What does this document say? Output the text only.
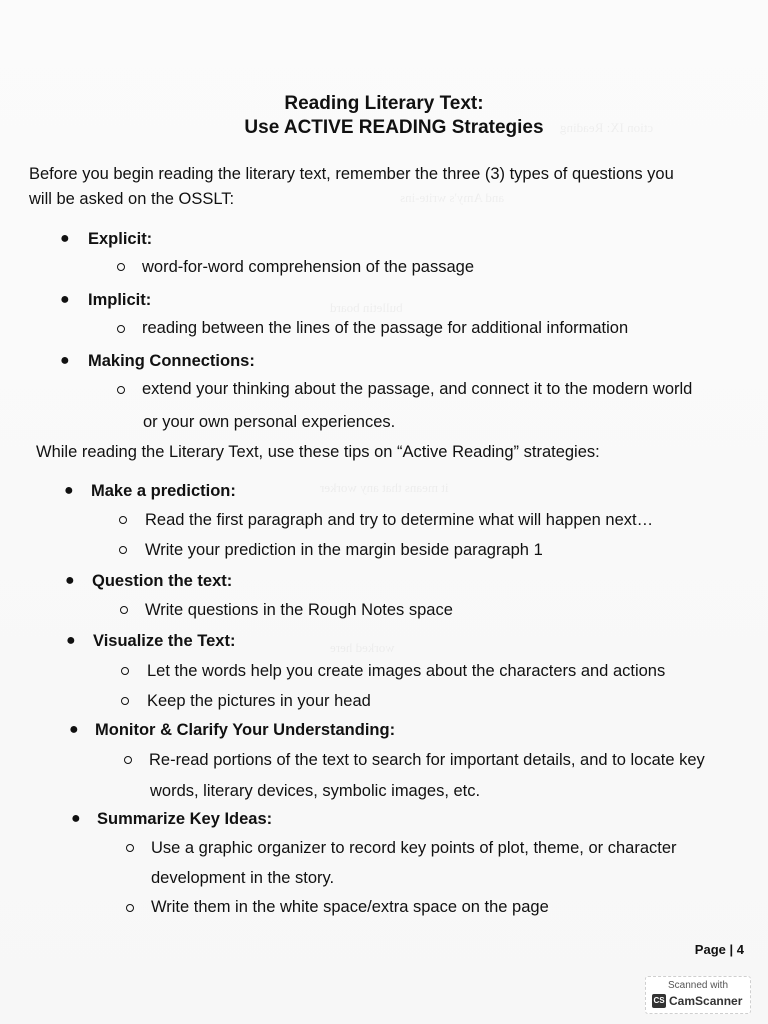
ction IX: Reading
and Amy's write-ins
bulletin board
it means that any worker
worked here
Reading Literary Text:
Use ACTIVE READING Strategies
Before you begin reading the literary text, remember the three (3) types of questions you
will be asked on the OSSLT:
● Explicit:
word-for-word comprehension of the passage
● Implicit:
reading between the lines of the passage for additional information
● Making Connections:
extend your thinking about the passage, and connect it to the modern world
or your own personal experiences.
While reading the Literary Text, use these tips on “Active Reading” strategies:
● Make a prediction:
Read the first paragraph and try to determine what will happen next…
Write your prediction in the margin beside paragraph 1
● Question the text:
Write questions in the Rough Notes space
● Visualize the Text:
Let the words help you create images about the characters and actions
Keep the pictures in your head
● Monitor & Clarify Your Understanding:
Re-read portions of the text to search for important details, and to locate key
words, literary devices, symbolic images, etc.
● Summarize Key Ideas:
Use a graphic organizer to record key points of plot, theme, or character
development in the story.
Write them in the white space/extra space on the page
Page | 4
Scanned with
CS CamScanner
